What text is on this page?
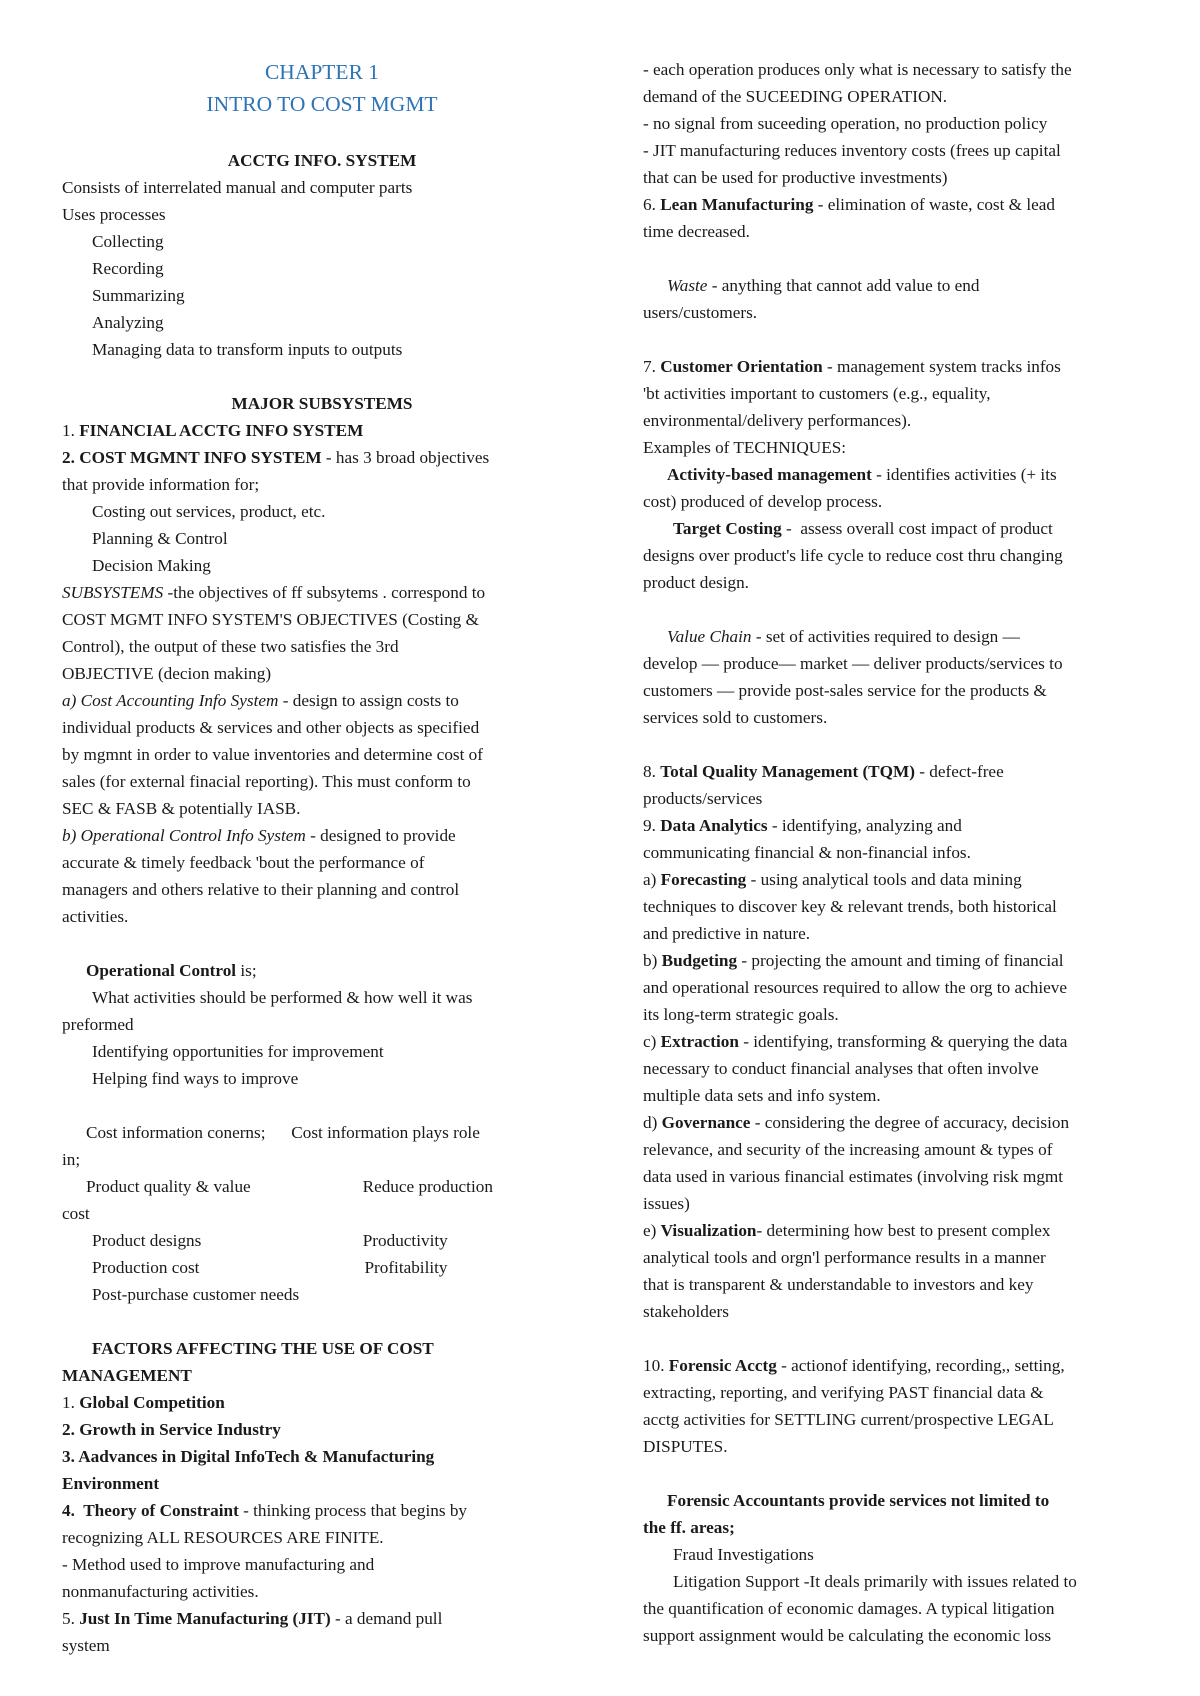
CHAPTER 1
INTRO TO COST MGMT
ACCTG INFO. SYSTEM
Consists of interrelated manual and computer parts
Uses processes
Collecting
Recording
Summarizing
Analyzing
Managing data to transform inputs to outputs
MAJOR SUBSYSTEMS
1. FINANCIAL ACCTG INFO SYSTEM
2. COST MGMNT INFO SYSTEM - has 3 broad objectives
that provide information for;
Costing out services, product, etc.
Planning & Control
Decision Making
SUBSYSTEMS -the objectives of ff subsytems . correspond to
COST MGMT INFO SYSTEM'S OBJECTIVES (Costing &
Control), the output of these two satisfies the 3rd
OBJECTIVE (decion making)
a) Cost Accounting Info System - design to assign costs to
individual products & services and other objects as specified
by mgmnt in order to value inventories and determine cost of
sales (for external finacial reporting). This must conform to
SEC & FASB & potentially IASB.
b) Operational Control Info System - designed to provide
accurate & timely feedback 'bout the performance of
managers and others relative to their planning and control
activities.
Operational Control is;
What activities should be performed & how well it was
preformed
Identifying opportunities for improvement
Helping find ways to improve
Cost information conerns;      Cost information plays role
in;
Product quality & value	Reduce production
cost
Product designs	Productivity
Production cost	Profitability
Post-purchase customer needs
FACTORS AFFECTING THE USE OF COST
MANAGEMENT
1. Global Competition
2. Growth in Service Industry
3. Aadvances in Digital InfoTech & Manufacturing
Environment
4.  Theory of Constraint - thinking process that begins by
recognizing ALL RESOURCES ARE FINITE.
- Method used to improve manufacturing and
nonmanufacturing activities.
5. Just In Time Manufacturing (JIT) - a demand pull
system
- each operation produces only what is necessary to satisfy the
demand of the SUCEEDING OPERATION.
- no signal from suceeding operation, no production policy
- JIT manufacturing reduces inventory costs (frees up capital
that can be used for productive investments)
6. Lean Manufacturing - elimination of waste, cost & lead
time decreased.
Waste - anything that cannot add value to end
users/customers.
7. Customer Orientation - management system tracks infos
'bt activities important to customers (e.g., equality,
environmental/delivery performances).
Examples of TECHNIQUES:
Activity-based management - identifies activities (+ its
cost) produced of develop process.
Target Costing -  assess overall cost impact of product
designs over product's life cycle to reduce cost thru changing
product design.
Value Chain - set of activities required to design —
develop — produce— market — deliver products/services to
customers — provide post-sales service for the products &
services sold to customers.
8. Total Quality Management (TQM) - defect-free
products/services
9. Data Analytics - identifying, analyzing and
communicating financial & non-financial infos.
a) Forecasting - using analytical tools and data mining
techniques to discover key & relevant trends, both historical
and predictive in nature.
b) Budgeting - projecting the amount and timing of financial
and operational resources required to allow the org to achieve
its long-term strategic goals.
c) Extraction - identifying, transforming & querying the data
necessary to conduct financial analyses that often involve
multiple data sets and info system.
d) Governance - considering the degree of accuracy, decision
relevance, and security of the increasing amount & types of
data used in various financial estimates (involving risk mgmt
issues)
e) Visualization- determining how best to present complex
analytical tools and orgn'l performance results in a manner
that is transparent & understandable to investors and key
stakeholders
10. Forensic Acctg - actionof identifying, recording,, setting,
extracting, reporting, and verifying PAST financial data &
acctg activities for SETTLING current/prospective LEGAL
DISPUTES.
Forensic Accountants provide services not limited to
the ff. areas;
Fraud Investigations
Litigation Support -It deals primarily with issues related to
the quantification of economic damages. A typical litigation
support assignment would be calculating the economic loss
